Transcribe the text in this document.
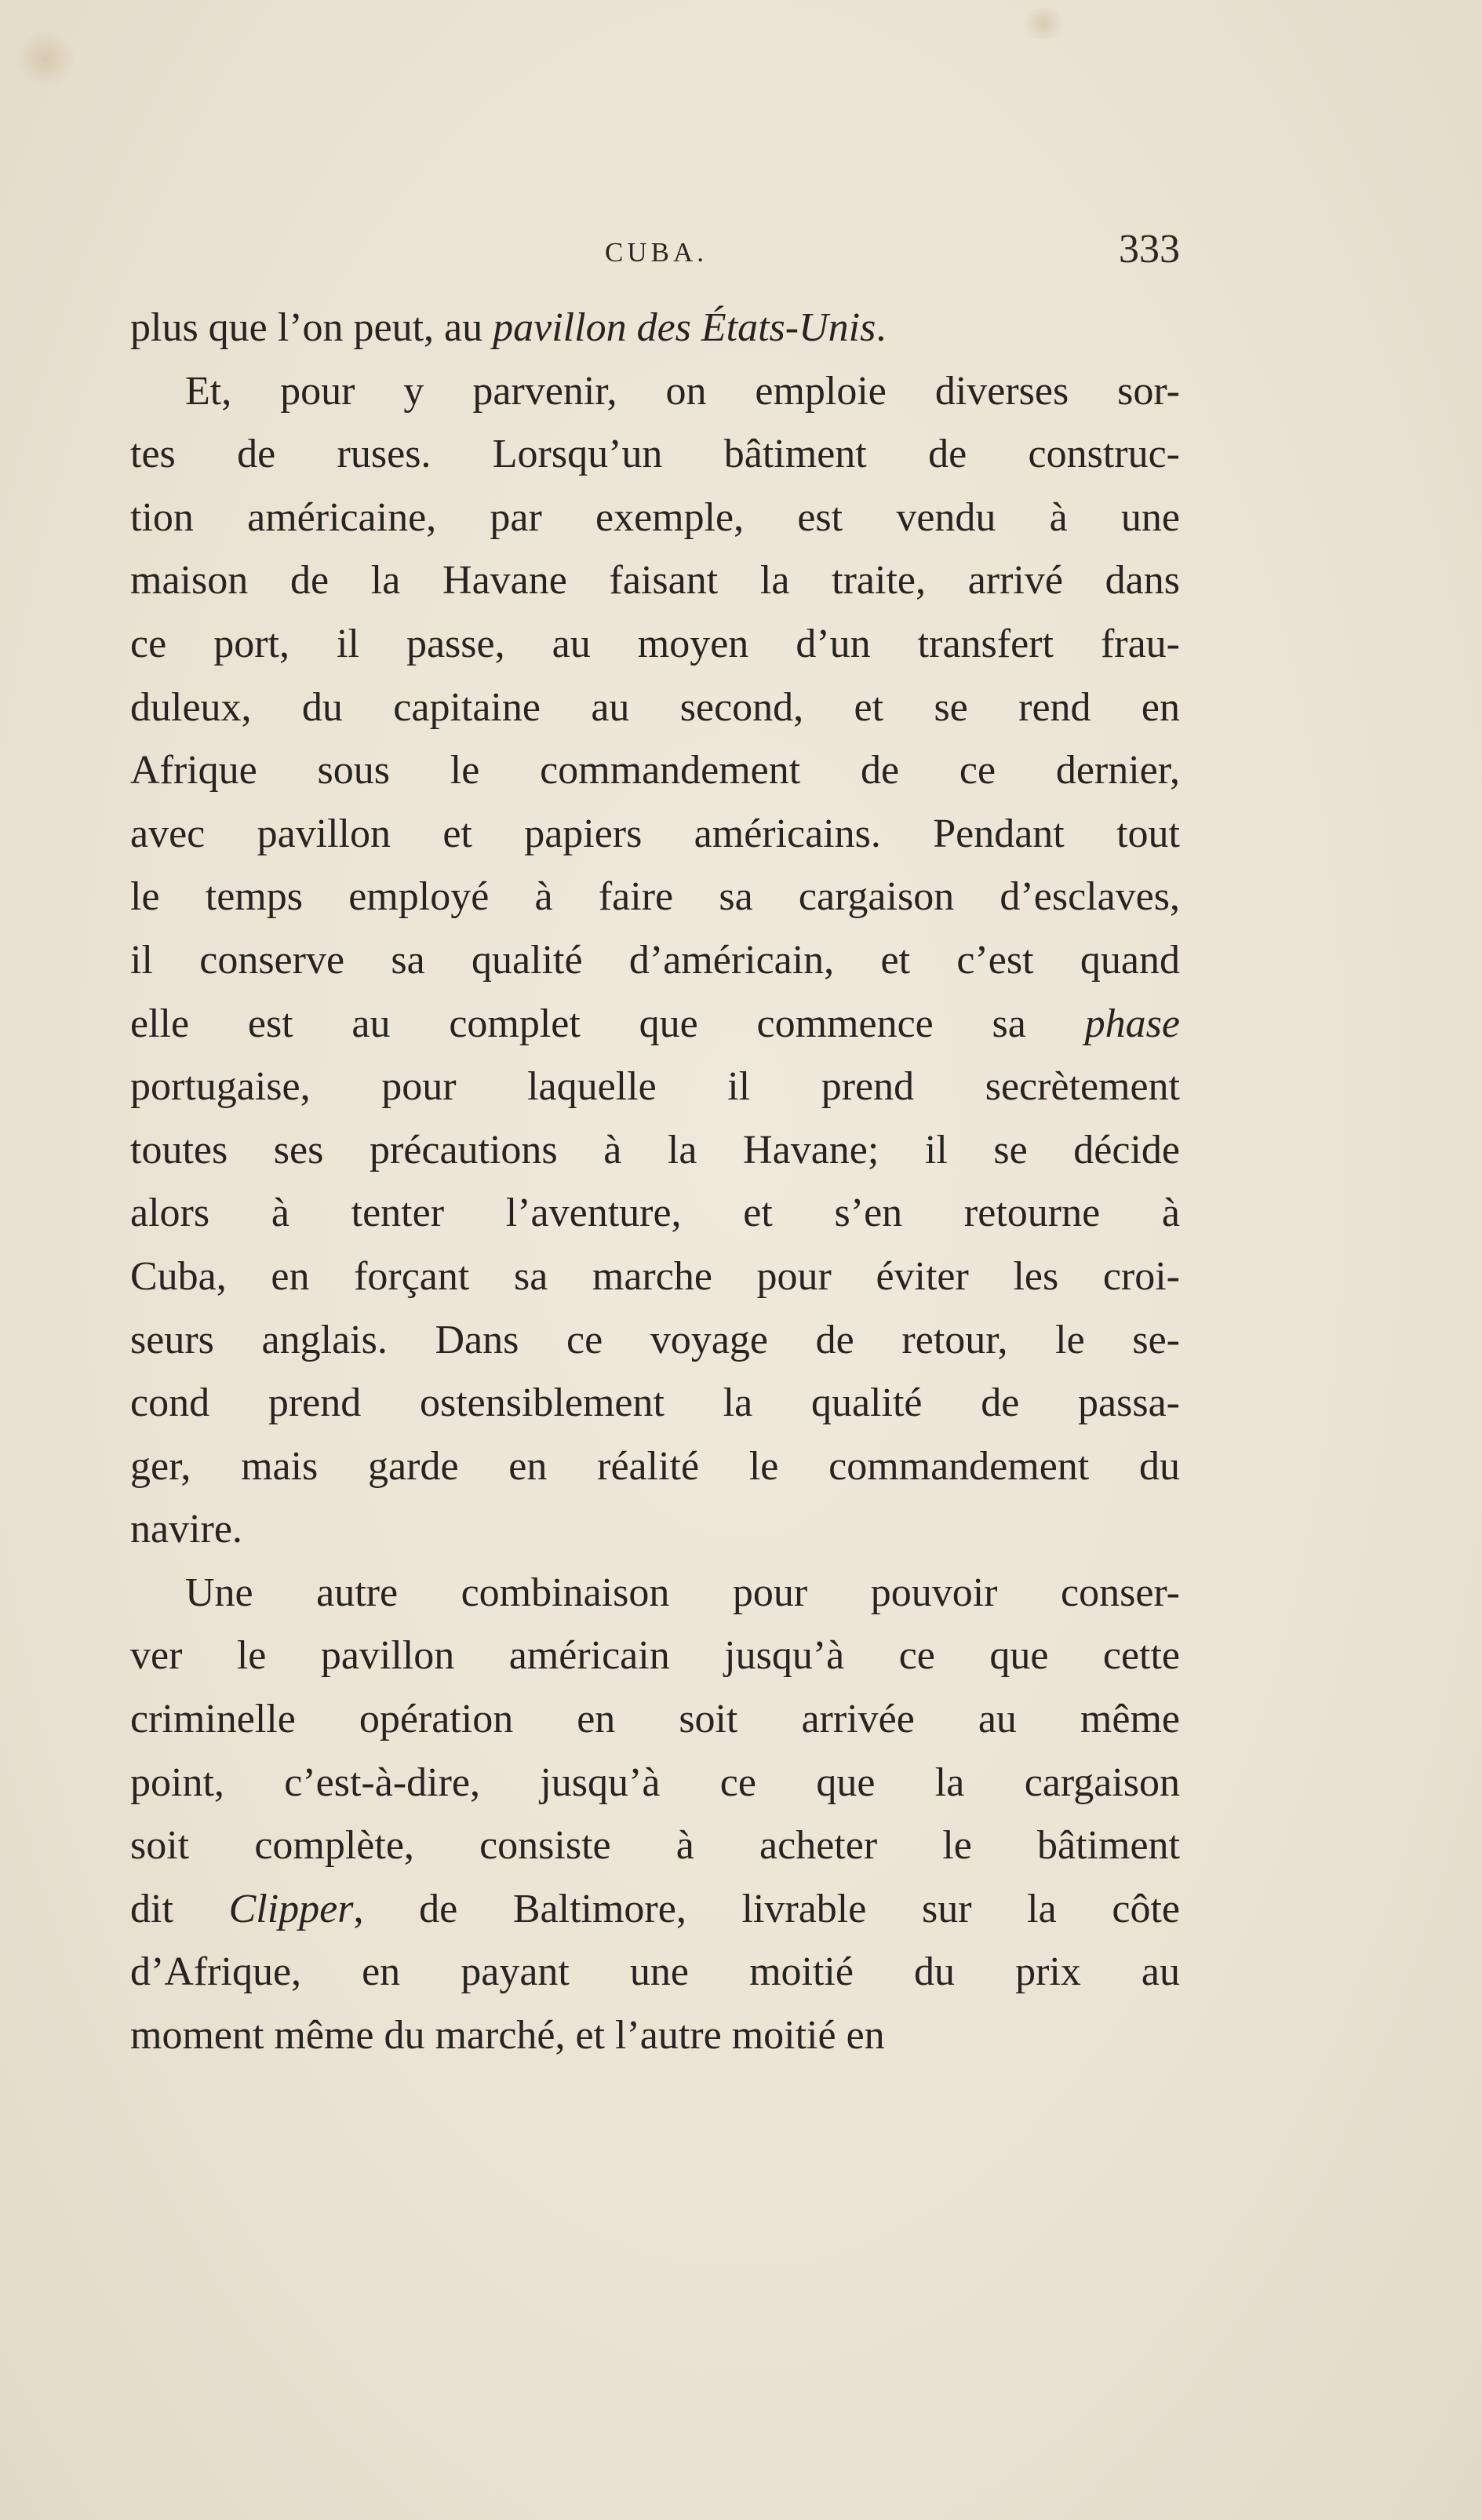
CUBA.	333
plus que l’on peut, au pavillon des États-Unis.
Et, pour y parvenir, on emploie diverses sor-
tes de ruses. Lorsqu’un bâtiment de construc-
tion américaine, par exemple, est vendu à une
maison de la Havane faisant la traite, arrivé dans
ce port, il passe, au moyen d’un transfert frau-
duleux, du capitaine au second, et se rend en
Afrique sous le commandement de ce dernier,
avec pavillon et papiers américains. Pendant tout
le temps employé à faire sa cargaison d’esclaves,
il conserve sa qualité d’américain, et c’est quand
elle est au complet que commence sa phase
portugaise, pour laquelle il prend secrètement
toutes ses précautions à la Havane; il se décide
alors à tenter l’aventure, et s’en retourne à
Cuba, en forçant sa marche pour éviter les croi-
seurs anglais. Dans ce voyage de retour, le se-
cond prend ostensiblement la qualité de passa-
ger, mais garde en réalité le commandement du
navire.
Une autre combinaison pour pouvoir conser-
ver le pavillon américain jusqu’à ce que cette
criminelle opération en soit arrivée au même
point, c’est-à-dire, jusqu’à ce que la cargaison
soit complète, consiste à acheter le bâtiment
dit Clipper, de Baltimore, livrable sur la côte
d’Afrique, en payant une moitié du prix au
moment même du marché, et l’autre moitié en
